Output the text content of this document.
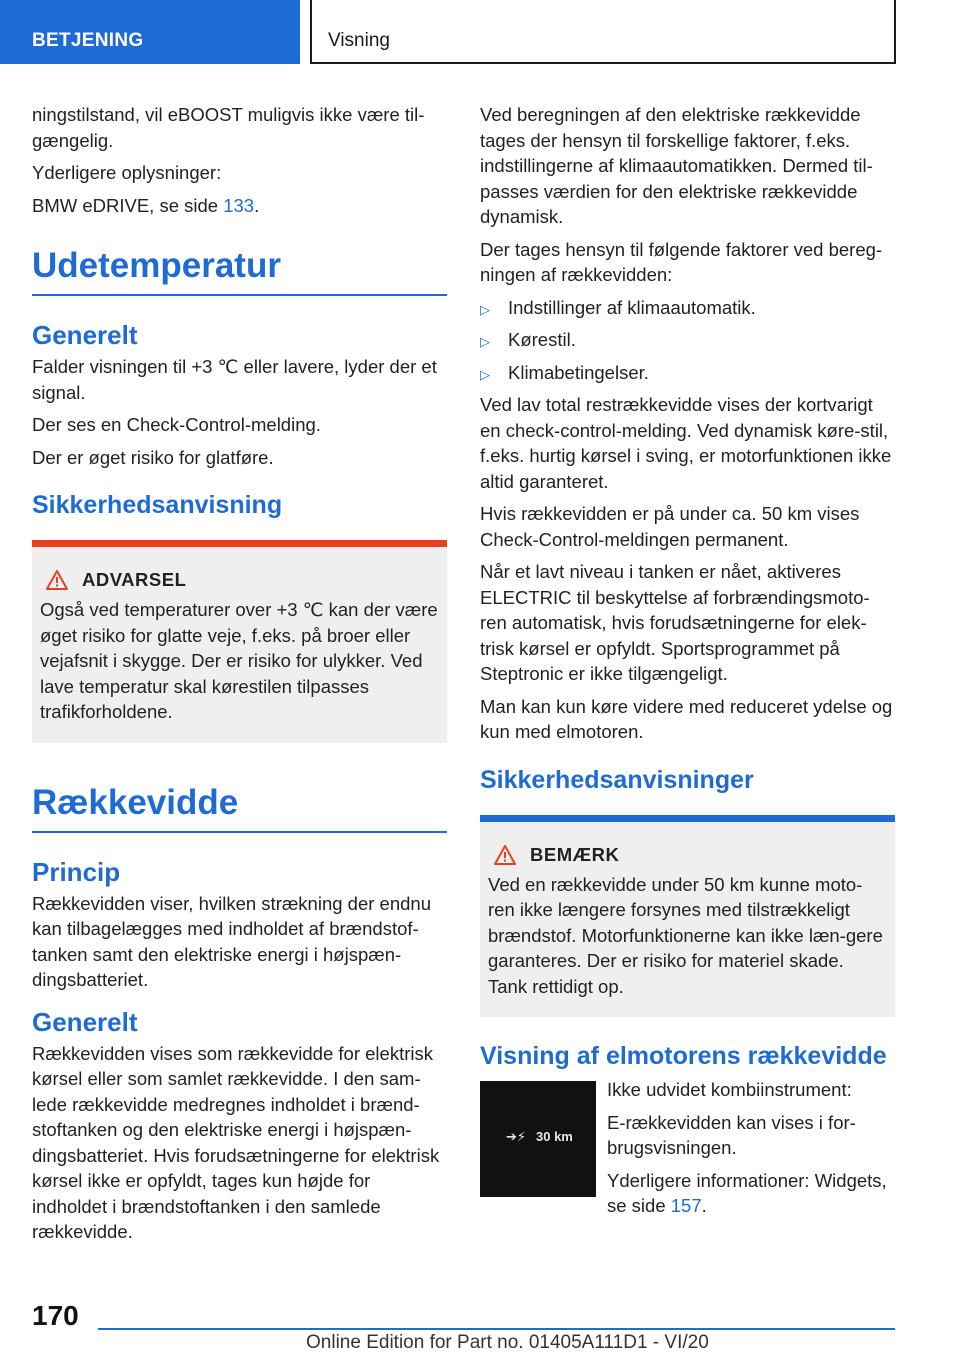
BETJENING	Visning

ningstilstand, vil eBOOST muligvis ikke være til-gængelig.

Yderligere oplysninger:

BMW eDRIVE, se side 133.

Udetemperatur
Generelt

Falder visningen til +3 ℃ eller lavere, lyder der et signal.

Der ses en Check-Control-melding.

Der er øget risiko for glatføre.

Sikkerhedsanvisning
ADVARSEL

Også ved temperaturer over +3 ℃ kan der være øget risiko for glatte veje, f.eks. på broer eller vejafsnit i skygge. Der er risiko for ulykker. Ved lave temperatur skal kørestilen tilpasses trafikforholdene.

Rækkevidde
Princip

Rækkevidden viser, hvilken strækning der endnu kan tilbagelægges med indholdet af brændstof-tanken samt den elektriske energi i højspæn-dingsbatteriet.

Generelt

Rækkevidden vises som rækkevidde for elektrisk kørsel eller som samlet rækkevidde. I den sam-lede rækkevidde medregnes indholdet i brænd-stoftanken og den elektriske energi i højspæn-dingsbatteriet. Hvis forudsætningerne for elektrisk kørsel ikke er opfyldt, tages kun højde for indholdet i brændstoftanken i den samlede rækkevidde.

Ved beregningen af den elektriske rækkevidde tages der hensyn til forskellige faktorer, f.eks. indstillingerne af klimaautomatikken. Dermed til-passes værdien for den elektriske rækkevidde dynamisk.

Der tages hensyn til følgende faktorer ved bereg-ningen af rækkevidden:

▷ Indstillinger af klimaautomatik.

▷ Kørestil.

▷ Klimabetingelser.

Ved lav total restrækkevidde vises der kortvarigt en check-control-melding. Ved dynamisk køre-stil, f.eks. hurtig kørsel i sving, er motorfunktionen ikke altid garanteret.

Hvis rækkevidden er på under ca. 50 km vises Check-Control-meldingen permanent.

Når et lavt niveau i tanken er nået, aktiveres ELECTRIC til beskyttelse af forbrændingsmoto-ren automatisk, hvis forudsætningerne for elek-trisk kørsel er opfyldt. Sportsprogrammet på Steptronic er ikke tilgængeligt.

Man kan kun køre videre med reduceret ydelse og kun med elmotoren.

Sikkerhedsanvisninger
BEMÆRK

Ved en rækkevidde under 50 km kunne moto-ren ikke længere forsynes med tilstrækkeligt brændstof. Motorfunktionerne kan ikke læn-gere garanteres. Der er risiko for materiel skade. Tank rettidigt op.

Visning af elmotorens rækkevidde
➔⚡ 30 km

Ikke udvidet kombiinstrument:

E-rækkevidden kan vises i for-brugsvisningen.

Yderligere informationer: Widgets, se side 157.

170
Online Edition for Part no. 01405A111D1 - VI/20
